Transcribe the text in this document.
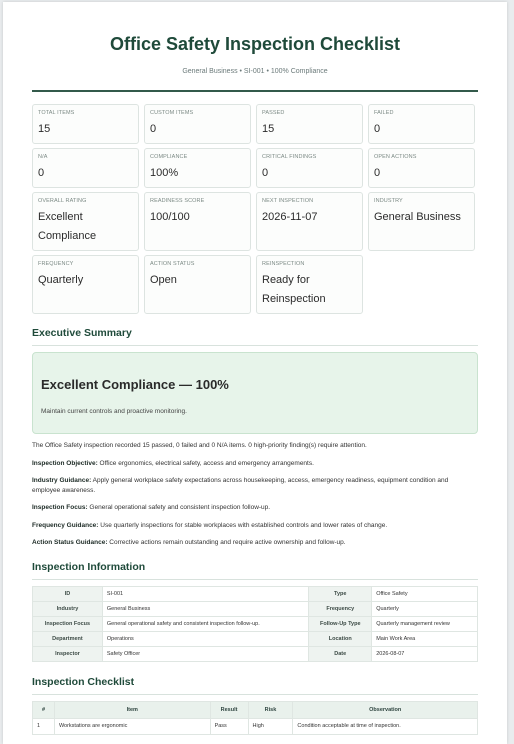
Office Safety Inspection Checklist
General Business • SI-001 • 100% Compliance
TOTAL ITEMS
15
CUSTOM ITEMS
0
PASSED
15
FAILED
0
N/A
0
COMPLIANCE
100%
CRITICAL FINDINGS
0
OPEN ACTIONS
0
OVERALL RATING
Excellent Compliance
READINESS SCORE
100/100
NEXT INSPECTION
2026-11-07
INDUSTRY
General Business
FREQUENCY
Quarterly
ACTION STATUS
Open
REINSPECTION
Ready for Reinspection
Executive Summary
Excellent Compliance — 100%
Maintain current controls and proactive monitoring.

The Office Safety inspection recorded 15 passed, 0 failed and 0 N/A items. 0 high-priority finding(s) require attention.

Inspection Objective: Office ergonomics, electrical safety, access and emergency arrangements.

Industry Guidance: Apply general workplace safety expectations across housekeeping, access, emergency readiness, equipment condition and employee awareness.

Inspection Focus: General operational safety and consistent inspection follow-up.

Frequency Guidance: Use quarterly inspections for stable workplaces with established controls and lower rates of change.

Action Status Guidance: Corrective actions remain outstanding and require active ownership and follow-up.

Inspection Information
ID	SI-001	Type	Office Safety
Industry	General Business	Frequency	Quarterly
Inspection Focus	General operational safety and consistent inspection follow-up.	Follow-Up Type	Quarterly management review
Department	Operations	Location	Main Work Area
Inspector	Safety Officer	Date	2026-08-07
Inspection Checklist
#	Item	Result	Risk	Observation
1	Workstations are ergonomic	Pass	High	Condition acceptable at time of inspection.
